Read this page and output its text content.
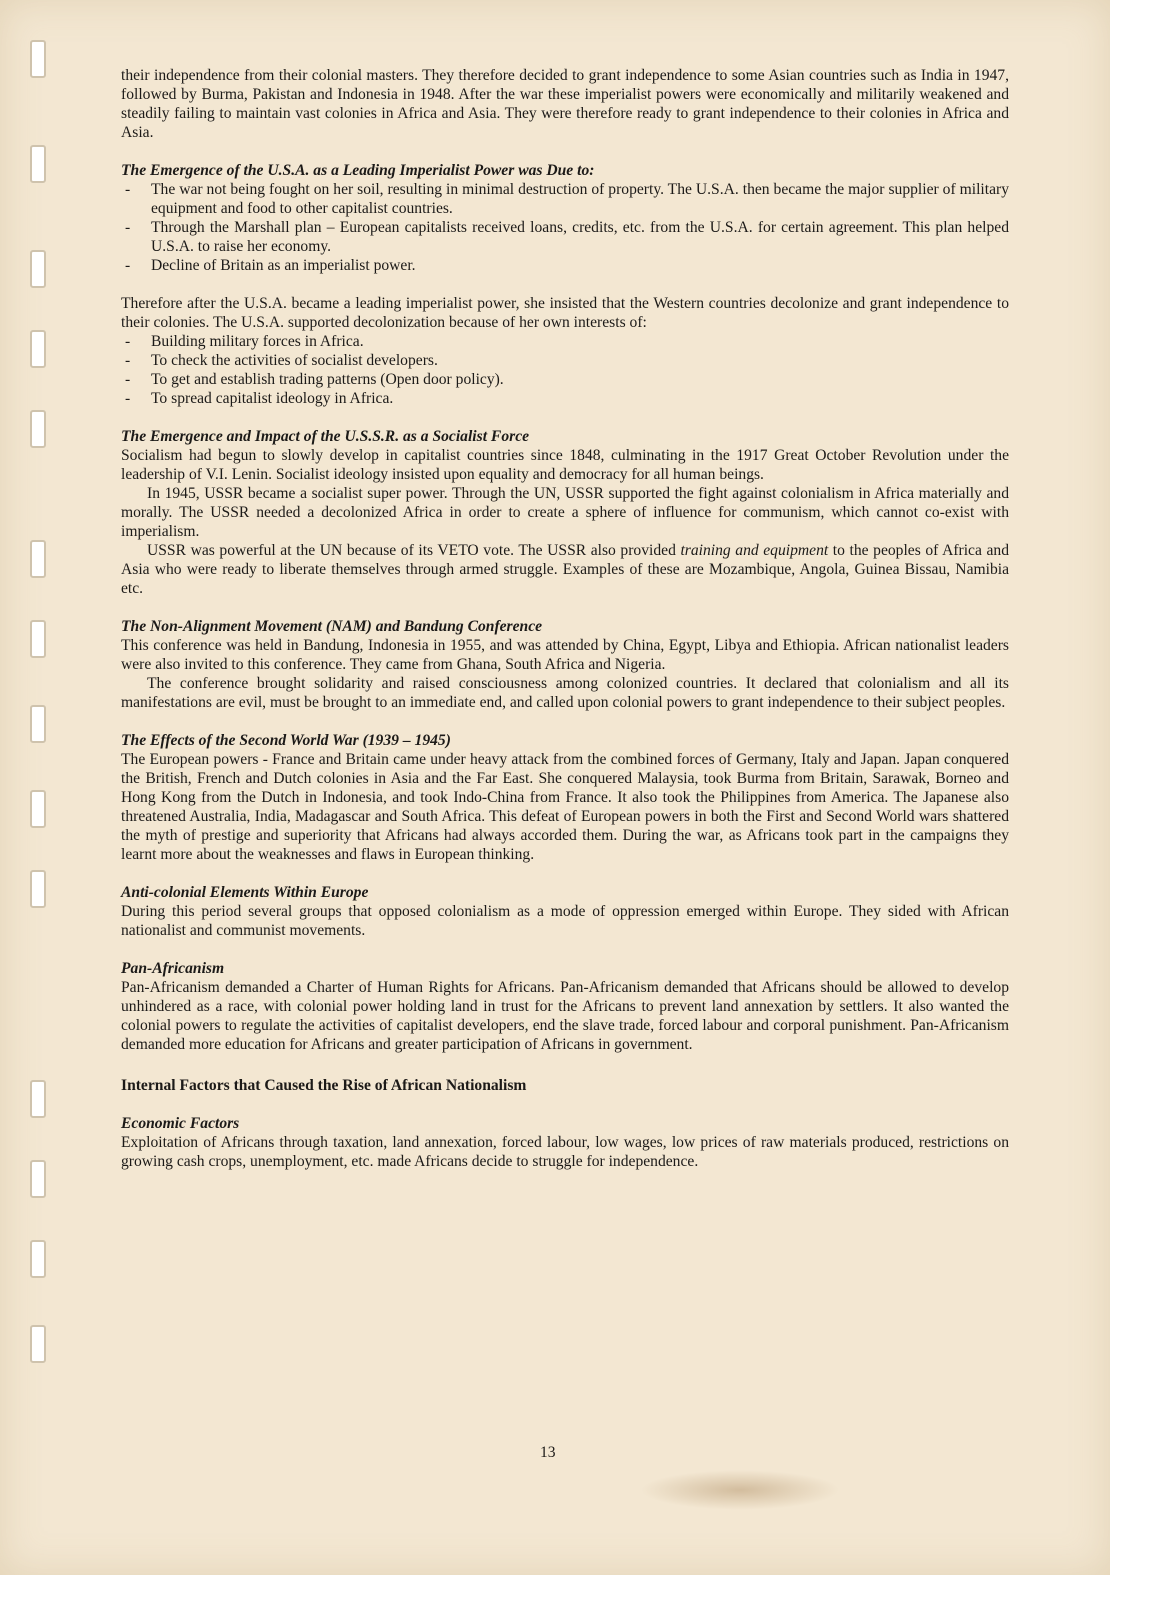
their independence from their colonial masters. They therefore decided to grant independence to some Asian countries such as India in 1947, followed by Burma, Pakistan and Indonesia in 1948. After the war these imperialist powers were economically and militarily weakened and steadily failing to maintain vast colonies in Africa and Asia. They were therefore ready to grant independence to their colonies in Africa and Asia.

The Emergence of the U.S.A. as a Leading Imperialist Power was Due to:
- The war not being fought on her soil, resulting in minimal destruction of property. The U.S.A. then became the major supplier of military equipment and food to other capitalist countries.
- Through the Marshall plan – European capitalists received loans, credits, etc. from the U.S.A. for certain agreement. This plan helped U.S.A. to raise her economy.
- Decline of Britain as an imperialist power.

Therefore after the U.S.A. became a leading imperialist power, she insisted that the Western countries decolonize and grant independence to their colonies. The U.S.A. supported decolonization because of her own interests of:

- Building military forces in Africa.
- To check the activities of socialist developers.
- To get and establish trading patterns (Open door policy).
- To spread capitalist ideology in Africa.
The Emergence and Impact of the U.S.S.R. as a Socialist Force

Socialism had begun to slowly develop in capitalist countries since 1848, culminating in the 1917 Great October Revolution under the leadership of V.I. Lenin. Socialist ideology insisted upon equality and democracy for all human beings.

In 1945, USSR became a socialist super power. Through the UN, USSR supported the fight against colonialism in Africa materially and morally. The USSR needed a decolonized Africa in order to create a sphere of influence for communism, which cannot co-exist with imperialism.

USSR was powerful at the UN because of its VETO vote. The USSR also provided training and equipment to the peoples of Africa and Asia who were ready to liberate themselves through armed struggle. Examples of these are Mozambique, Angola, Guinea Bissau, Namibia etc.

The Non-Alignment Movement (NAM) and Bandung Conference

This conference was held in Bandung, Indonesia in 1955, and was attended by China, Egypt, Libya and Ethiopia. African nationalist leaders were also invited to this conference. They came from Ghana, South Africa and Nigeria.

The conference brought solidarity and raised consciousness among colonized countries. It declared that colonialism and all its manifestations are evil, must be brought to an immediate end, and called upon colonial powers to grant independence to their subject peoples.

The Effects of the Second World War (1939 – 1945)

The European powers - France and Britain came under heavy attack from the combined forces of Germany, Italy and Japan. Japan conquered the British, French and Dutch colonies in Asia and the Far East. She conquered Malaysia, took Burma from Britain, Sarawak, Borneo and Hong Kong from the Dutch in Indonesia, and took Indo-China from France. It also took the Philippines from America. The Japanese also threatened Australia, India, Madagascar and South Africa. This defeat of European powers in both the First and Second World wars shattered the myth of prestige and superiority that Africans had always accorded them. During the war, as Africans took part in the campaigns they learnt more about the weaknesses and flaws in European thinking.

Anti-colonial Elements Within Europe

During this period several groups that opposed colonialism as a mode of oppression emerged within Europe. They sided with African nationalist and communist movements.

Pan-Africanism

Pan-Africanism demanded a Charter of Human Rights for Africans. Pan-Africanism demanded that Africans should be allowed to develop unhindered as a race, with colonial power holding land in trust for the Africans to prevent land annexation by settlers. It also wanted the colonial powers to regulate the activities of capitalist developers, end the slave trade, forced labour and corporal punishment. Pan-Africanism demanded more education for Africans and greater participation of Africans in government.

Internal Factors that Caused the Rise of African Nationalism
Economic Factors

Exploitation of Africans through taxation, land annexation, forced labour, low wages, low prices of raw materials produced, restrictions on growing cash crops, unemployment, etc. made Africans decide to struggle for independence.

13
